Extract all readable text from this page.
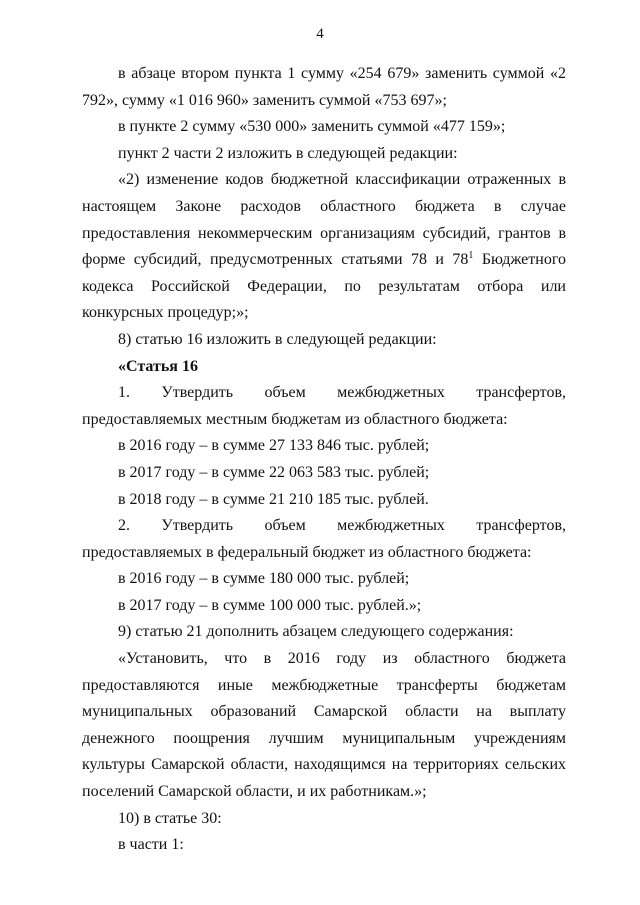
4

в абзаце втором пункта 1 сумму «254 679» заменить суммой «2 792», сумму «1 016 960» заменить суммой «753 697»;

в пункте 2 сумму «530 000» заменить суммой «477 159»;

пункт 2 части 2 изложить в следующей редакции:

«2) изменение кодов бюджетной классификации отраженных в настоящем Законе расходов областного бюджета в случае предоставления некоммерческим организациям субсидий, грантов в форме субсидий, предусмотренных статьями 78 и $78^1$ Бюджетного кодекса Российской Федерации, по результатам отбора или конкурсных процедур;»;

8) статью 16 изложить в следующей редакции:

«Статья 16

1. Утвердить объем межбюджетных трансфертов, предоставляемых местным бюджетам из областного бюджета:

в 2016 году – в сумме 27 133 846 тыс. рублей;

в 2017 году – в сумме 22 063 583 тыс. рублей;

в 2018 году – в сумме 21 210 185 тыс. рублей.

2. Утвердить объем межбюджетных трансфертов, предоставляемых в федеральный бюджет из областного бюджета:

в 2016 году – в сумме 180 000 тыс. рублей;

в 2017 году – в сумме 100 000 тыс. рублей.»;

9) статью 21 дополнить абзацем следующего содержания:

«Установить, что в 2016 году из областного бюджета предоставляются иные межбюджетные трансферты бюджетам муниципальных образований Самарской области на выплату денежного поощрения лучшим муниципальным учреждениям культуры Самарской области, находящимся на территориях сельских поселений Самарской области, и их работникам.»;

10) в статье 30:

в части 1:
